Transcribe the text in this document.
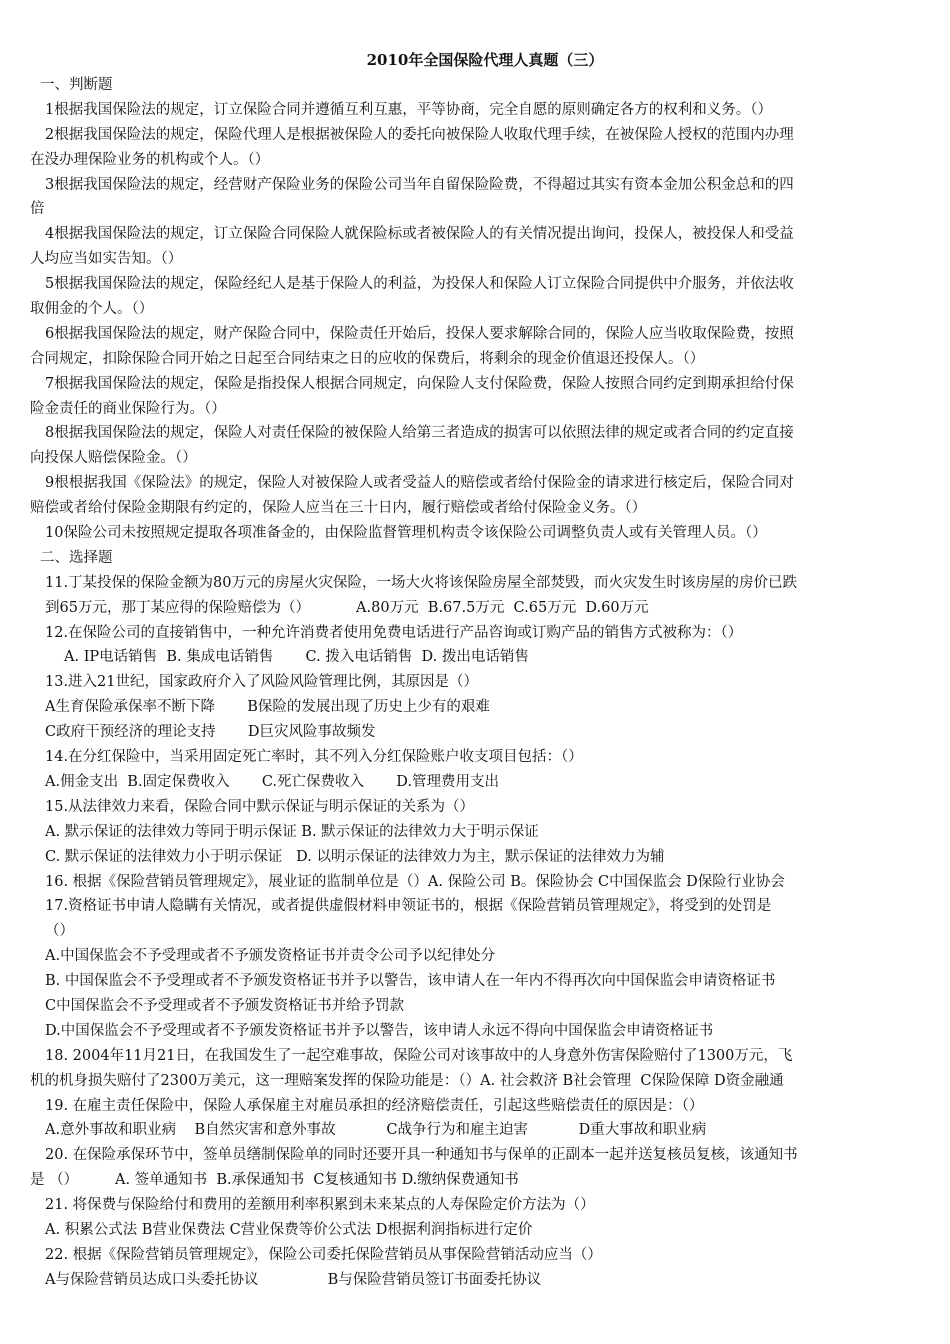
2010年全国保险代理人真题（三）
一、判断题
1根据我国保险法的规定，订立保险合同并遵循互利互惠，平等协商，完全自愿的原则确定各方的权利和义务。（）
2根据我国保险法的规定，保险代理人是根据被保险人的委托向被保险人收取代理手续，在被保险人授权的范围内办理
在没办理保险业务的机构或个人。（）
3根据我国保险法的规定，经营财产保险业务的保险公司当年自留保险险费，不得超过其实有资本金加公积金总和的四
倍
4根据我国保险法的规定，订立保险合同保险人就保险标或者被保险人的有关情况提出询问，投保人，被投保人和受益
人均应当如实告知。（）
5根据我国保险法的规定，保险经纪人是基于保险人的利益，为投保人和保险人订立保险合同提供中介服务，并依法收
取佣金的个人。（）
6根据我国保险法的规定，财产保险合同中，保险责任开始后，投保人要求解除合同的，保险人应当收取保险费，按照
合同规定，扣除保险合同开始之日起至合同结束之日的应收的保费后，将剩余的现金价值退还投保人。（）
7根据我国保险法的规定，保险是指投保人根据合同规定，向保险人支付保险费，保险人按照合同约定到期承担给付保
险金责任的商业保险行为。（）
8根据我国保险法的规定，保险人对责任保险的被保险人给第三者造成的损害可以依照法律的规定或者合同的约定直接
向投保人赔偿保险金。（）
9根根据我国《保险法》的规定，保险人对被保险人或者受益人的赔偿或者给付保险金的请求进行核定后，保险合同对
赔偿或者给付保险金期限有约定的，保险人应当在三十日内，履行赔偿或者给付保险金义务。（）
10保险公司未按照规定提取各项准备金的，由保险监督管理机构责令该保险公司调整负责人或有关管理人员。（）
二、选择题
11.丁某投保的保险金额为80万元的房屋火灾保险，一场大火将该保险房屋全部焚毁，而火灾发生时该房屋的房价已跌
到65万元，那丁某应得的保险赔偿为（）          A.80万元  B.67.5万元  C.65万元  D.60万元
12.在保险公司的直接销售中，一种允许消费者使用免费电话进行产品咨询或订购产品的销售方式被称为：（）
A. IP电话销售  B. 集成电话销售       C. 拨入电话销售  D. 拨出电话销售
13.进入21世纪，国家政府介入了风险风险管理比例，其原因是（）
A生育保险承保率不断下降       B保险的发展出现了历史上少有的艰难
C政府干预经济的理论支持       D巨灾风险事故频发
14.在分红保险中，当采用固定死亡率时，其不列入分红保险账户收支项目包括：（）
A.佣金支出  B.固定保费收入       C.死亡保费收入       D.管理费用支出
15.从法律效力来看，保险合同中默示保证与明示保证的关系为（）
A. 默示保证的法律效力等同于明示保证 B. 默示保证的法律效力大于明示保证
C. 默示保证的法律效力小于明示保证   D. 以明示保证的法律效力为主，默示保证的法律效力为辅
16. 根据《保险营销员管理规定》，展业证的监制单位是（）A. 保险公司 B。保险协会 C中国保监会 D保险行业协会
17.资格证书申请人隐瞒有关情况，或者提供虚假材料申领证书的，根据《保险营销员管理规定》，将受到的处罚是
（）
A.中国保监会不予受理或者不予颁发资格证书并责令公司予以纪律处分
B. 中国保监会不予受理或者不予颁发资格证书并予以警告，该申请人在一年内不得再次向中国保监会申请资格证书
C中国保监会不予受理或者不予颁发资格证书并给予罚款
D.中国保监会不予受理或者不予颁发资格证书并予以警告，该申请人永远不得向中国保监会申请资格证书
18. 2004年11月21日，在我国发生了一起空难事故，保险公司对该事故中的人身意外伤害保险赔付了1300万元，飞
机的机身损失赔付了2300万美元，这一理赔案发挥的保险功能是：（）A. 社会救济 B社会管理  C保险保障 D资金融通
19. 在雇主责任保险中，保险人承保雇主对雇员承担的经济赔偿责任，引起这些赔偿责任的原因是：（）
A.意外事故和职业病    B自然灾害和意外事故           C战争行为和雇主迫害           D重大事故和职业病
20. 在保险承保环节中，签单员缮制保险单的同时还要开具一种通知书与保单的正副本一起并送复核员复核，该通知书
是 （）        A. 签单通知书  B.承保通知书  C复核通知书 D.缴纳保费通知书
21. 将保费与保险给付和费用的差额用利率积累到未来某点的人寿保险定价方法为（）
A. 积累公式法 B营业保费法 C营业保费等价公式法 D根据利润指标进行定价
22. 根据《保险营销员管理规定》，保险公司委托保险营销员从事保险营销活动应当（）
A与保险营销员达成口头委托协议               B与保险营销员签订书面委托协议
